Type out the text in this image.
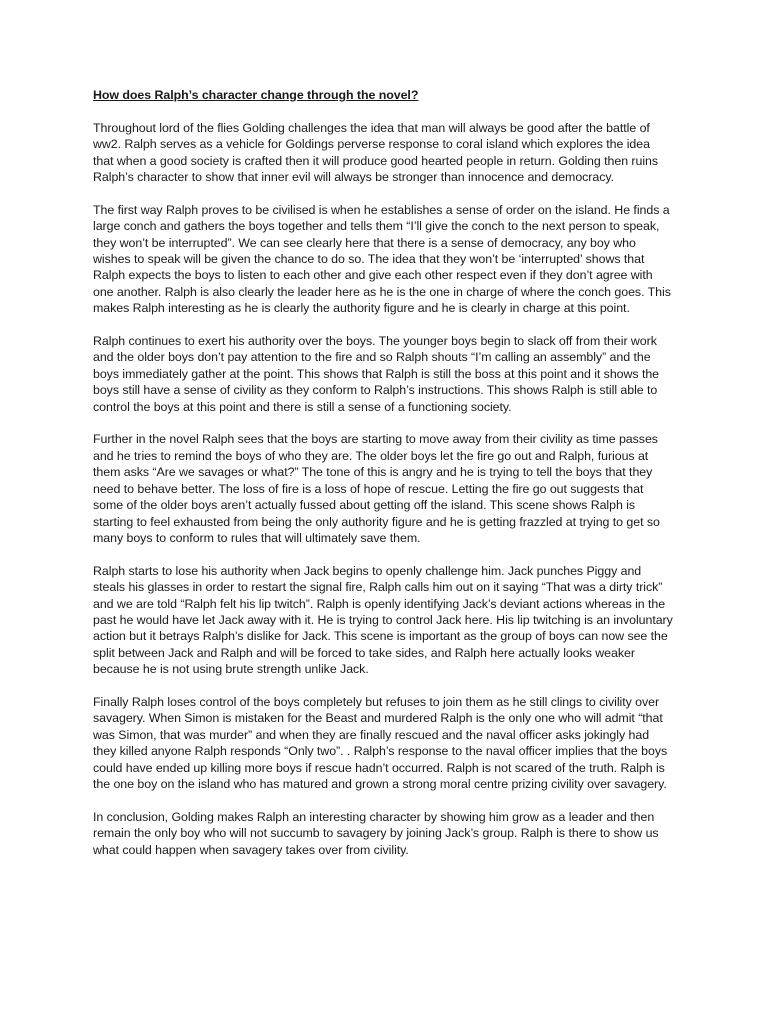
How does Ralph’s character change through the novel?

Throughout lord of the flies Golding challenges the idea that man will always be good after the battle of ww2. Ralph serves as a vehicle for Goldings perverse response to coral island which explores the idea that when a good society is crafted then it will produce good hearted people in return. Golding then ruins Ralph’s character to show that inner evil will always be stronger than innocence and democracy.

The first way Ralph proves to be civilised is when he establishes a sense of order on the island. He finds a large conch and gathers the boys together and tells them “I’ll give the conch to the next person to speak, they won’t be interrupted”. We can see clearly here that there is a sense of democracy, any boy who wishes to speak will be given the chance to do so. The idea that they won’t be ‘interrupted’ shows that Ralph expects the boys to listen to each other and give each other respect even if they don’t agree with one another. Ralph is also clearly the leader here as he is the one in charge of where the conch goes. This makes Ralph interesting as he is clearly the authority figure and he is clearly in charge at this point.

Ralph continues to exert his authority over the boys. The younger boys begin to slack off from their work and the older boys don’t pay attention to the fire and so Ralph shouts “I’m calling an assembly” and the boys immediately gather at the point. This shows that Ralph is still the boss at this point and it shows the boys still have a sense of civility as they conform to Ralph’s instructions. This shows Ralph is still able to control the boys at this point and there is still a sense of a functioning society.

Further in the novel Ralph sees that the boys are starting to move away from their civility as time passes and he tries to remind the boys of who they are. The older boys let the fire go out and Ralph, furious at them asks “Are we savages or what?” The tone of this is angry and he is trying to tell the boys that they need to behave better. The loss of fire is a loss of hope of rescue. Letting the fire go out suggests that some of the older boys aren’t actually fussed about getting off the island. This scene shows Ralph is starting to feel exhausted from being the only authority figure and he is getting frazzled at trying to get so many boys to conform to rules that will ultimately save them.

Ralph starts to lose his authority when Jack begins to openly challenge him. Jack punches Piggy and steals his glasses in order to restart the signal fire, Ralph calls him out on it saying “That was a dirty trick” and we are told “Ralph felt his lip twitch”. Ralph is openly identifying Jack’s deviant actions whereas in the past he would have let Jack away with it. He is trying to control Jack here. His lip twitching is an involuntary action but it betrays Ralph’s dislike for Jack. This scene is important as the group of boys can now see the split between Jack and Ralph and will be forced to take sides, and Ralph here actually looks weaker because he is not using brute strength unlike Jack.

Finally Ralph loses control of the boys completely but refuses to join them as he still clings to civility over savagery. When Simon is mistaken for the Beast and murdered Ralph is the only one who will admit “that was Simon, that was murder” and when they are finally rescued and the naval officer asks jokingly had they killed anyone Ralph responds “Only two”. . Ralph’s response to the naval officer implies that the boys could have ended up killing more boys if rescue hadn’t occurred. Ralph is not scared of the truth. Ralph is the one boy on the island who has matured and grown a strong moral centre prizing civility over savagery.

In conclusion, Golding makes Ralph an interesting character by showing him grow as a leader and then remain the only boy who will not succumb to savagery by joining Jack’s group. Ralph is there to show us what could happen when savagery takes over from civility.
